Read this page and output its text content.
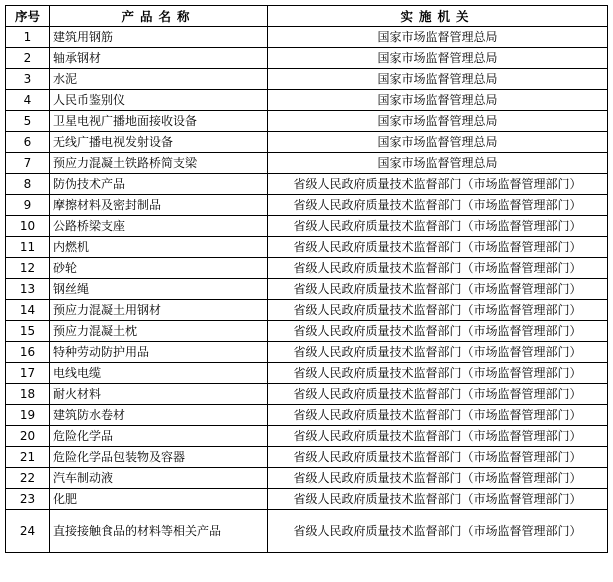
序号	产品名称	实施机关
1	建筑用钢筋	国家市场监督管理总局
2	轴承钢材	国家市场监督管理总局
3	水泥	国家市场监督管理总局
4	人民币鉴别仪	国家市场监督管理总局
5	卫星电视广播地面接收设备	国家市场监督管理总局
6	无线广播电视发射设备	国家市场监督管理总局
7	预应力混凝土铁路桥简支梁	国家市场监督管理总局
8	防伪技术产品	省级人民政府质量技术监督部门（市场监督管理部门）
9	摩擦材料及密封制品	省级人民政府质量技术监督部门（市场监督管理部门）
10	公路桥梁支座	省级人民政府质量技术监督部门（市场监督管理部门）
11	内燃机	省级人民政府质量技术监督部门（市场监督管理部门）
12	砂轮	省级人民政府质量技术监督部门（市场监督管理部门）
13	钢丝绳	省级人民政府质量技术监督部门（市场监督管理部门）
14	预应力混凝土用钢材	省级人民政府质量技术监督部门（市场监督管理部门）
15	预应力混凝土枕	省级人民政府质量技术监督部门（市场监督管理部门）
16	特种劳动防护用品	省级人民政府质量技术监督部门（市场监督管理部门）
17	电线电缆	省级人民政府质量技术监督部门（市场监督管理部门）
18	耐火材料	省级人民政府质量技术监督部门（市场监督管理部门）
19	建筑防水卷材	省级人民政府质量技术监督部门（市场监督管理部门）
20	危险化学品	省级人民政府质量技术监督部门（市场监督管理部门）
21	危险化学品包装物及容器	省级人民政府质量技术监督部门（市场监督管理部门）
22	汽车制动液	省级人民政府质量技术监督部门（市场监督管理部门）
23	化肥	省级人民政府质量技术监督部门（市场监督管理部门）
24	直接接触食品的材料等相关产品	省级人民政府质量技术监督部门（市场监督管理部门）
